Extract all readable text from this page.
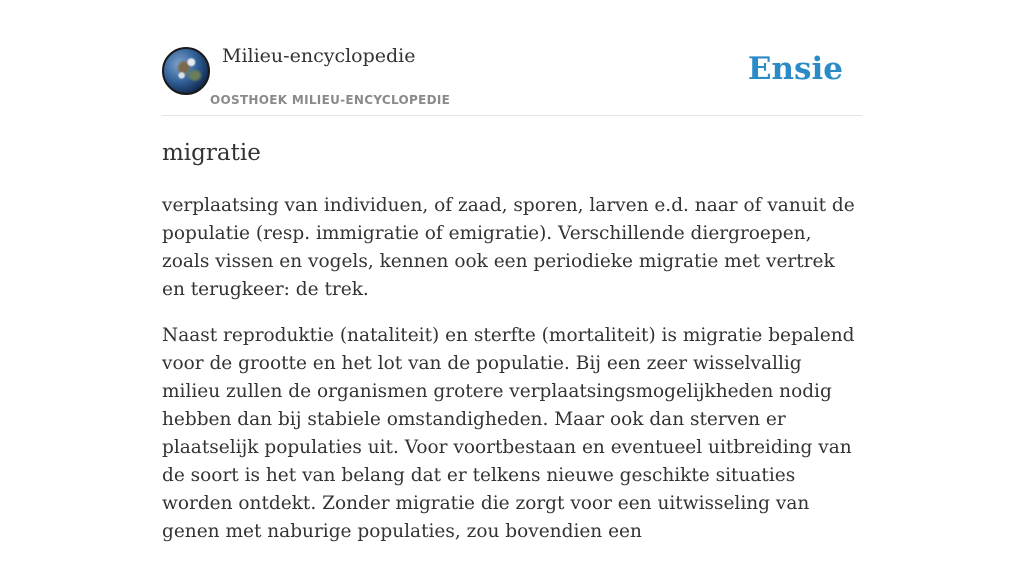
Milieu-encyclopedie
OOSTHOEK MILIEU-ENCYCLOPEDIE
Ensie
migratie

verplaatsing van individuen, of zaad, sporen, larven e.d. naar of vanuit de populatie (resp. immigratie of emigratie). Verschillende diergroepen, zoals vissen en vogels, kennen ook een periodieke migratie met vertrek en terugkeer: de trek.

Naast reproduktie (nataliteit) en sterfte (mortaliteit) is migratie bepalend voor de grootte en het lot van de populatie. Bij een zeer wisselvallig milieu zullen de organismen grotere verplaatsingsmogelijkheden nodig hebben dan bij stabiele omstandigheden. Maar ook dan sterven er plaatselijk populaties uit. Voor voortbestaan en eventueel uitbreiding van de soort is het van belang dat er telkens nieuwe geschikte situaties worden ontdekt. Zonder migratie die zorgt voor een uitwisseling van genen met naburige populaties, zou bovendien een
